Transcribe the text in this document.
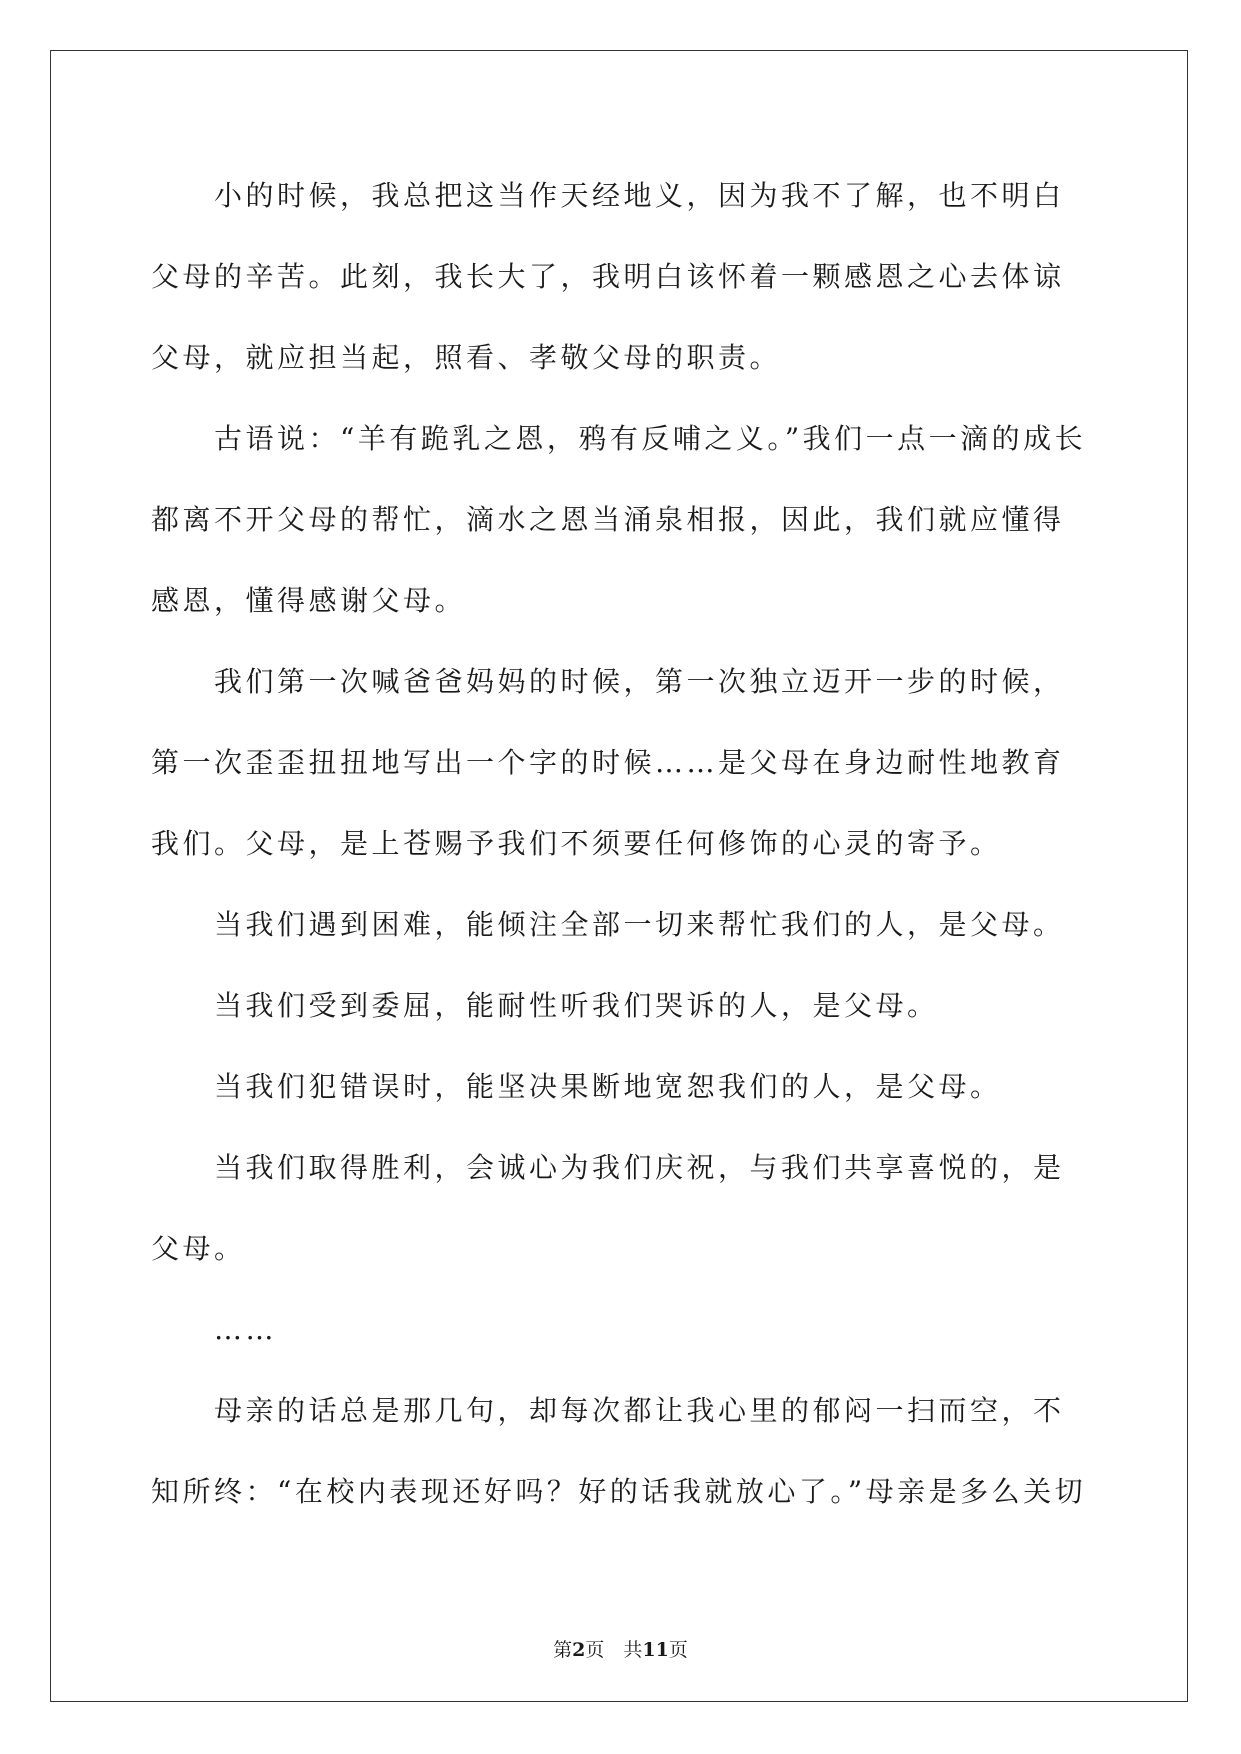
小的时候，我总把这当作天经地义，因为我不了解，也不明白父母的辛苦。此刻，我长大了，我明白该怀着一颗感恩之心去体谅父母，就应担当起，照看、孝敬父母的职责。

古语说：“羊有跪乳之恩，鸦有反哺之义。”我们一点一滴的成长都离不开父母的帮忙，滴水之恩当涌泉相报，因此，我们就应懂得感恩，懂得感谢父母。

我们第一次喊爸爸妈妈的时候，第一次独立迈开一步的时候，第一次歪歪扭扭地写出一个字的时候……是父母在身边耐性地教育我们。父母，是上苍赐予我们不须要任何修饰的心灵的寄予。

当我们遇到困难，能倾注全部一切来帮忙我们的人，是父母。

当我们受到委屈，能耐性听我们哭诉的人，是父母。

当我们犯错误时，能坚决果断地宽恕我们的人，是父母。

当我们取得胜利，会诚心为我们庆祝，与我们共享喜悦的，是父母。

……

母亲的话总是那几句，却每次都让我心里的郁闷一扫而空，不知所终：“在校内表现还好吗？好的话我就放心了。”母亲是多么关切

第2页　共11页
